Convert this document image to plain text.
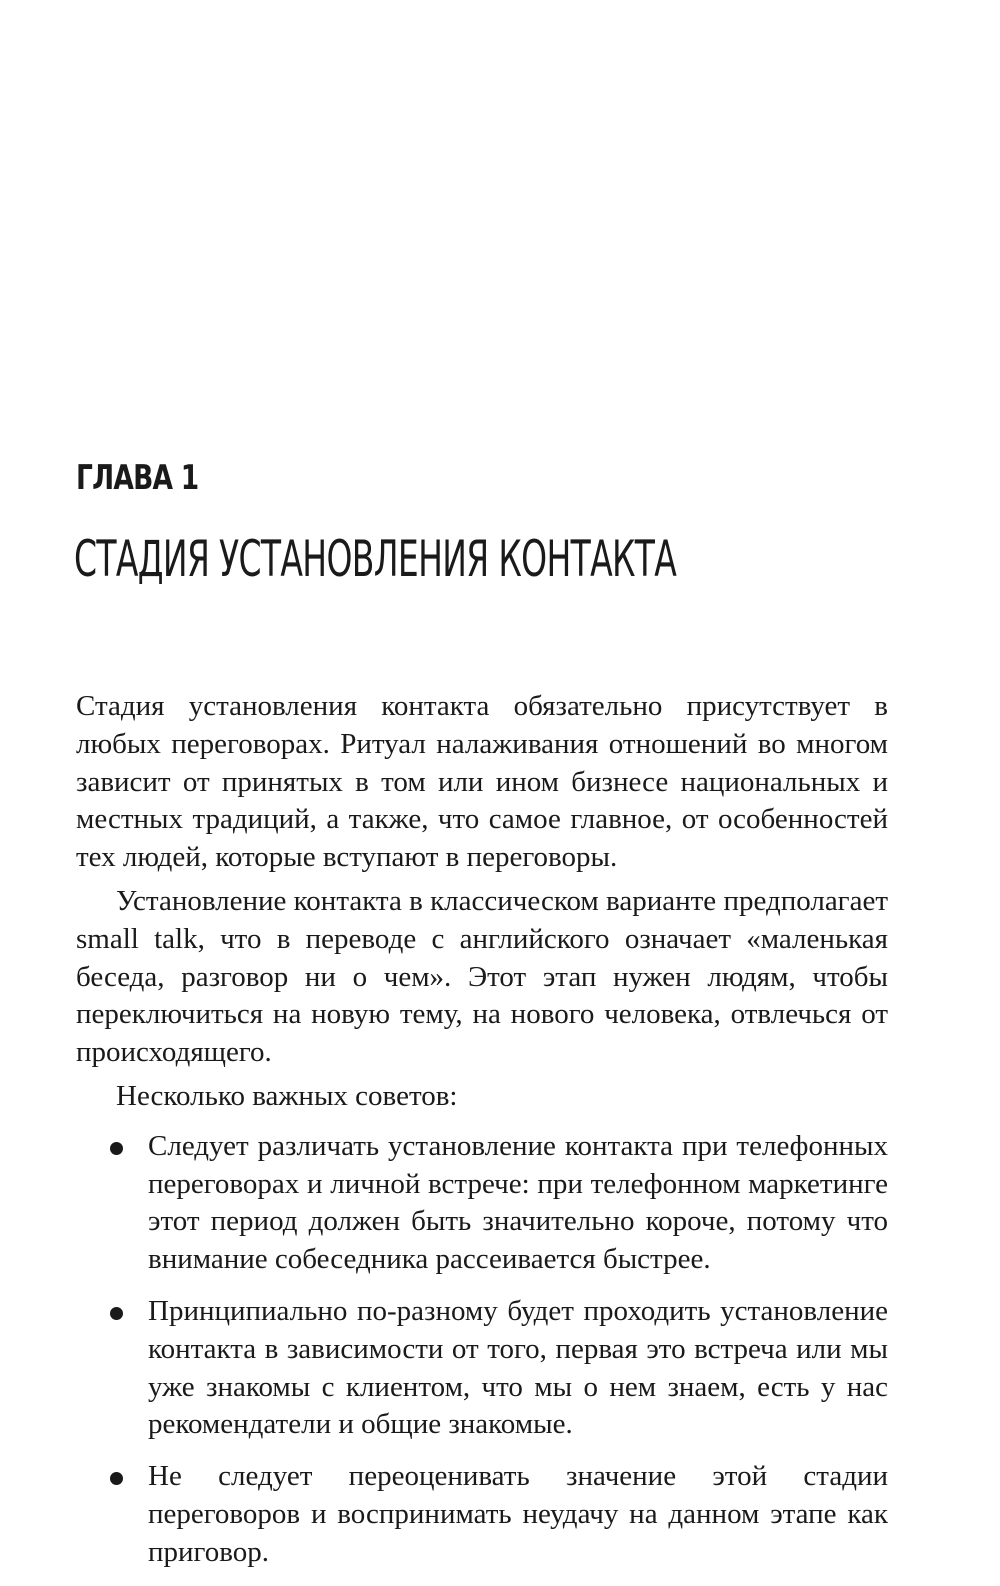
ГЛАВА 1
СТАДИЯ УСТАНОВЛЕНИЯ КОНТАКТА

Стадия установления контакта обязательно присутствует в любых переговорах. Ритуал налаживания отношений во многом зависит от принятых в том или ином бизнесе национальных и местных традиций, а также, что самое главное, от особенностей тех людей, которые вступают в переговоры.

Установление контакта в классическом варианте предполагает small talk, что в переводе с английского означает «маленькая беседа, разговор ни о чем». Этот этап нужен людям, чтобы переключиться на новую тему, на нового человека, отвлечься от происходящего.

Несколько важных советов:

Следует различать установление контакта при телефонных переговорах и личной встрече: при телефонном маркетинге этот период должен быть значительно короче, потому что внимание собеседника рассеивается быстрее.
Принципиально по-разному будет проходить установление контакта в зависимости от того, первая это встреча или мы уже знакомы с клиентом, что мы о нем знаем, есть у нас рекомендатели и общие знакомые.
Не следует переоценивать значение этой стадии переговоров и воспринимать неудачу на данном этапе как приговор.
